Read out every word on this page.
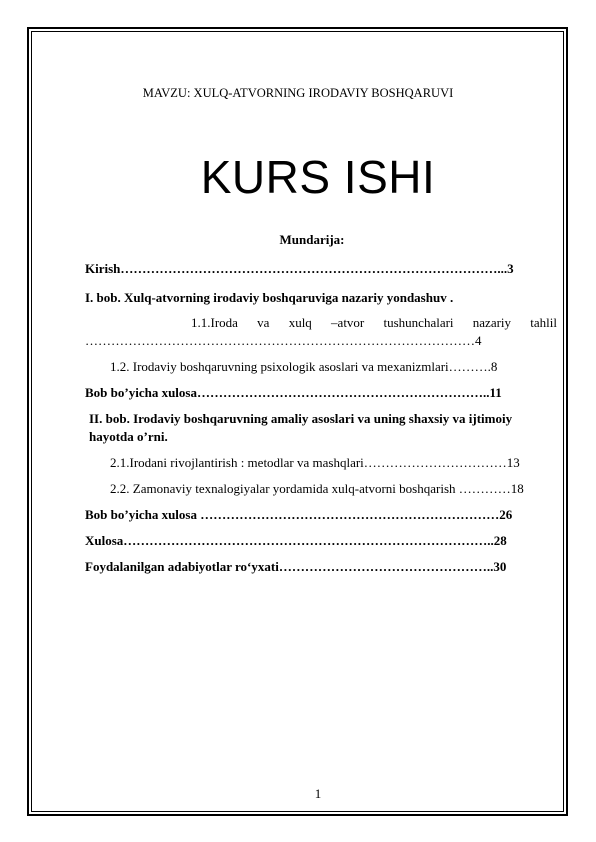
MAVZU: XULQ-ATVORNING IRODAVIY BOSHQARUVI
KURS ISHI
Mundarija:
Kirish……………………………………………………………………………...3
I. bob. Xulq-atvorning irodaviy boshqaruviga nazariy yondashuv .
1.1.Iroda va xulq –atvor tushunchalari nazariy tahlil
………………………………………………………………………………4
1.2. Irodaviy boshqaruvning psixologik asoslari va mexanizmlari……….8
Bob bo’yicha xulosa…………………………………………………………..11
II. bob. Irodaviy boshqaruvning amaliy asoslari va uning shaxsiy va ijtimoiy
hayotda o’rni.
2.1.Irodani rivojlantirish : metodlar va mashqlari……………………………13
2.2. Zamonaviy texnalogiyalar yordamida xulq-atvorni boshqarish …………18
Bob bo’yicha xulosa ……………………………………………………………26
Xulosa…………………………………………………………………………..28
Foydalanilgan adabiyotlar ro‘yxati…………………………………………..30
1
